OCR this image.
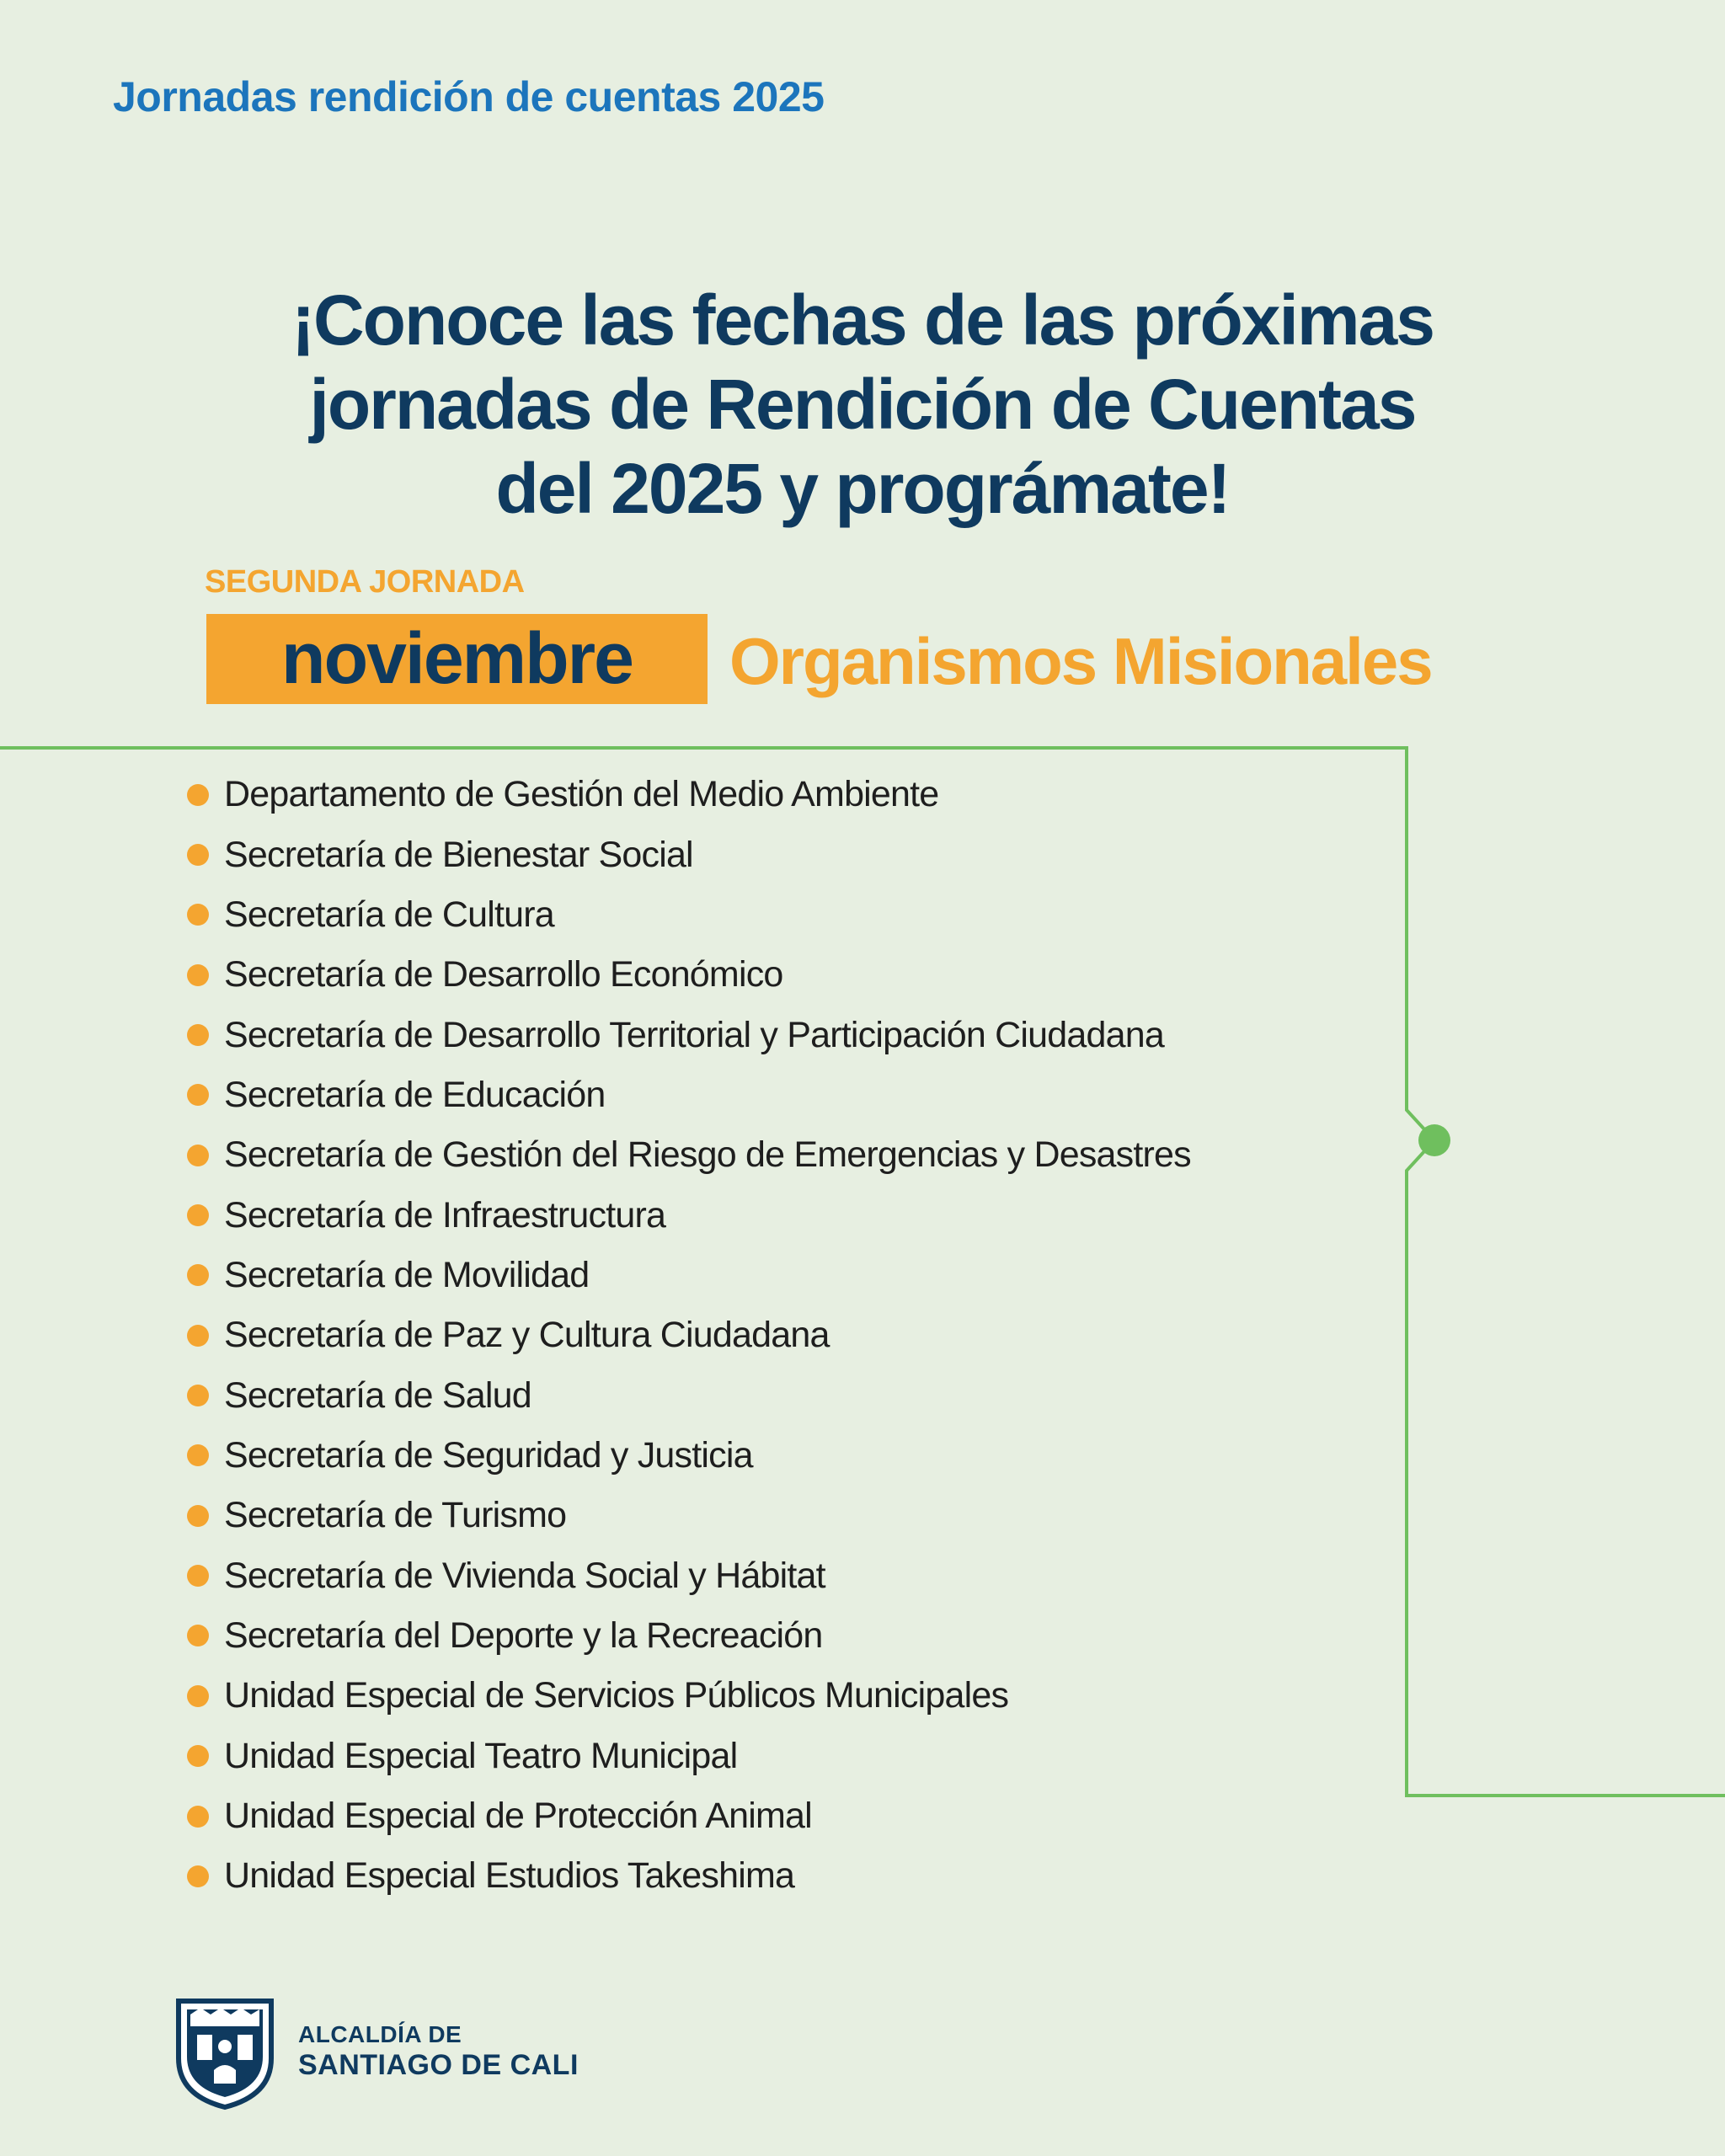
Jornadas rendición de cuentas 2025
¡Conoce las fechas de las próximas
jornadas de Rendición de Cuentas
del 2025 y prográmate!
SEGUNDA JORNADA
noviembre	Organismos Misionales
Departamento de Gestión del Medio Ambiente
Secretaría de Bienestar Social
Secretaría de Cultura
Secretaría de Desarrollo Económico
Secretaría de Desarrollo Territorial y Participación Ciudadana
Secretaría de Educación
Secretaría de Gestión del Riesgo de Emergencias y Desastres
Secretaría de Infraestructura
Secretaría de Movilidad
Secretaría de Paz y Cultura Ciudadana
Secretaría de Salud
Secretaría de Seguridad y Justicia
Secretaría de Turismo
Secretaría de Vivienda Social y Hábitat
Secretaría del Deporte y la Recreación
Unidad Especial de Servicios Públicos Municipales
Unidad Especial Teatro Municipal
Unidad Especial de Protección Animal
Unidad Especial Estudios Takeshima
ALCALDÍA DE
SANTIAGO DE CALI
